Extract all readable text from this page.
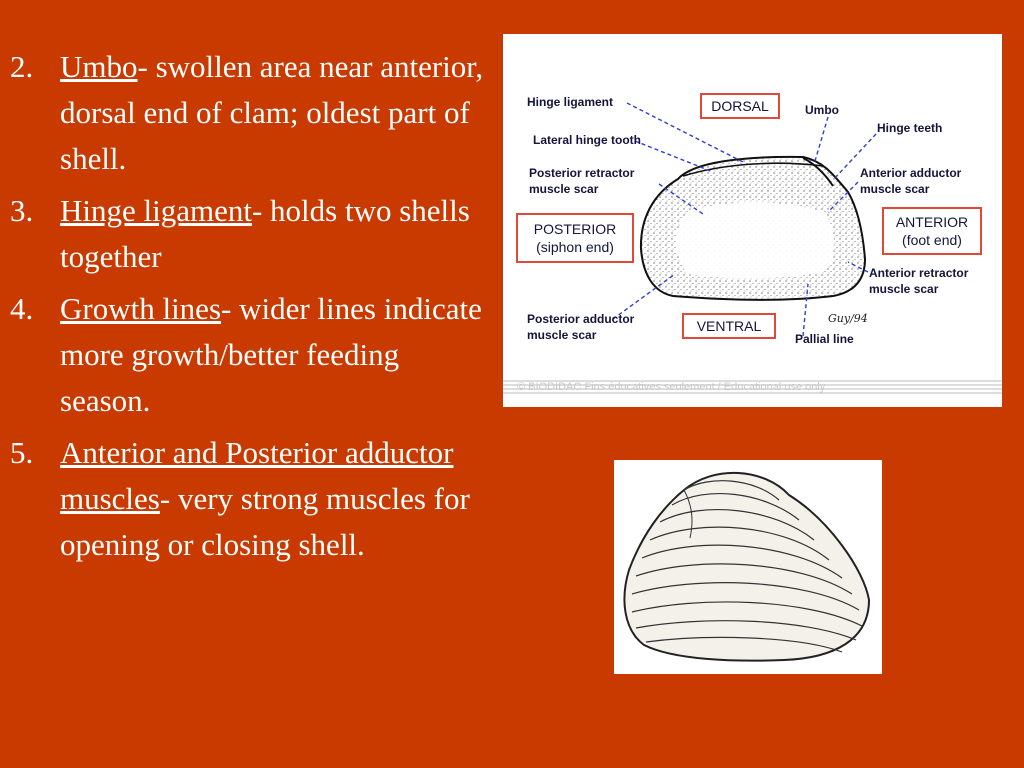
2. Umbo- swollen area near anterior, dorsal end of clam; oldest part of shell.
3. Hinge ligament- holds two shells together
4. Growth lines- wider lines indicate more growth/better feeding season.
5. Anterior and Posterior adductor muscles- very strong muscles for opening or closing shell.
Hinge ligament
Lateral hinge tooth
Posterior retractor
muscle scar
DORSAL	Umbo
Hinge teeth
Anterior adductor
muscle scar
POSTERIOR
(siphon end)
ANTERIOR
(foot end)
Anterior retractor
muscle scar
Posterior adductor
muscle scar
VENTRAL
Pallial line
Guy/94
© BIODIDAC Fins éducatives seulement / Educational use only
